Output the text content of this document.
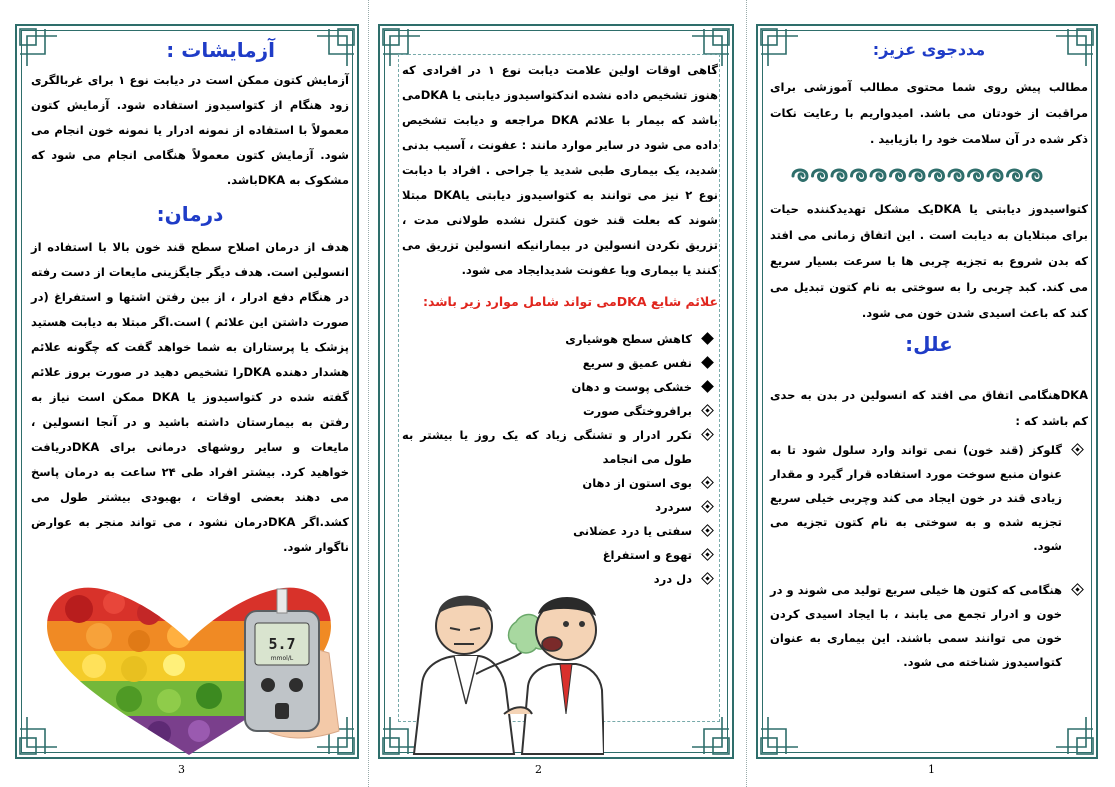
آزمایشات :
آزمایش کتون ممکن است در دیابت نوع ۱ برای غربالگری زود هنگام از کتواسیدوز استفاده شود. آزمایش کتون معمولاً با استفاده از نمونه ادرار یا نمونه خون انجام می شود. آزمایش کتون معمولاً هنگامی انجام می شود که مشکوک به DKAباشد.
درمان:
هدف از درمان اصلاح سطح قند خون بالا با استفاده از انسولین است. هدف دیگر جایگزینی مایعات از دست رفته در هنگام دفع ادرار ، از بین رفتن اشتها و استفراغ (در صورت داشتن این علائم ) است.اگر مبتلا به دیابت هستید پزشک یا پرستاران به شما خواهد گفت که چگونه علائم هشدار دهنده DKAرا تشخیص دهید در صورت بروز علائم گفته شده در کتواسیدوز یا DKA ممکن است نیاز به رفتن به بیمارستان داشته باشید و در آنجا انسولین ، مایعات و سایر روشهای درمانی برای DKAدریافت خواهید کرد. بیشتر افراد طی ۲۴ ساعت به درمان پاسخ می دهند بعضی اوقات ، بهبودی بیشتر طول می کشد.اگر DKAدرمان نشود ، می تواند منجر به عوارض ناگوار شود.
5.7
mmol/L
گاهی اوقات اولین علامت دیابت نوع ۱ در افرادی که هنوز تشخیص داده نشده اندکتواسیدوز دیابتی یا DKAمی باشد که بیمار با علائم DKA مراجعه و دیابت تشخیص داده می شود در سایر موارد مانند : عفونت ، آسیب بدنی شدید، یک بیماری طبی شدید یا جراحی . افراد با دیابت نوع ۲ نیز می توانند به کتواسیدوز دیابتی یاDKA مبتلا شوند که بعلت قند خون کنترل نشده طولانی مدت ، تزریق نکردن انسولین در بیمارانیکه انسولین تزریق می کنند یا بیماری ویا عفونت شدیدایجاد می شود.
علائم شایع DKAمی تواند شامل موارد زیر باشد:
کاهش سطح هوشیاری
نفس عمیق و سریع
خشکی پوست و دهان
برافروختگی صورت
تکرر ادرار و تشنگی زیاد که یک روز یا بیشتر به طول می انجامد
بوی استون از دهان
سردرد
سفتی یا درد عضلانی
تهوع و استفراغ
دل درد
مددجوی عزیز:
مطالب پیش روی شما محتوی مطالب آموزشی برای مراقبت از خودتان می باشد. امیدواریم با رعایت نکات ذکر شده در آن سلامت خود را بازیابید .
کتواسیدوز دیابتی یا DKAیک مشکل تهدیدکننده حیات برای مبتلایان به دیابت است . این اتفاق زمانی می افتد که بدن شروع به تجزیه چربی ها با سرعت بسیار سریع می کند. کبد چربی را به سوختی به نام کتون تبدیل می کند که باعث اسیدی شدن خون می شود.
علل:
DKAهنگامی اتفاق می افتد که انسولین در بدن به حدی کم باشد که :
گلوکز (قند خون) نمی تواند وارد سلول شود تا به عنوان منبع سوخت مورد استفاده قرار گیرد و مقدار زیادی قند در خون ایجاد می کند وچربی خیلی سریع تجزیه شده و به سوختی به نام کتون تجزیه می شود.
هنگامی که کتون ها خیلی سریع تولید می شوند و در خون و ادرار تجمع می یابند ، با ایجاد اسیدی کردن خون می توانند سمی باشند. این بیماری به عنوان کتواسیدوز شناخته می شود.
3	2	1
